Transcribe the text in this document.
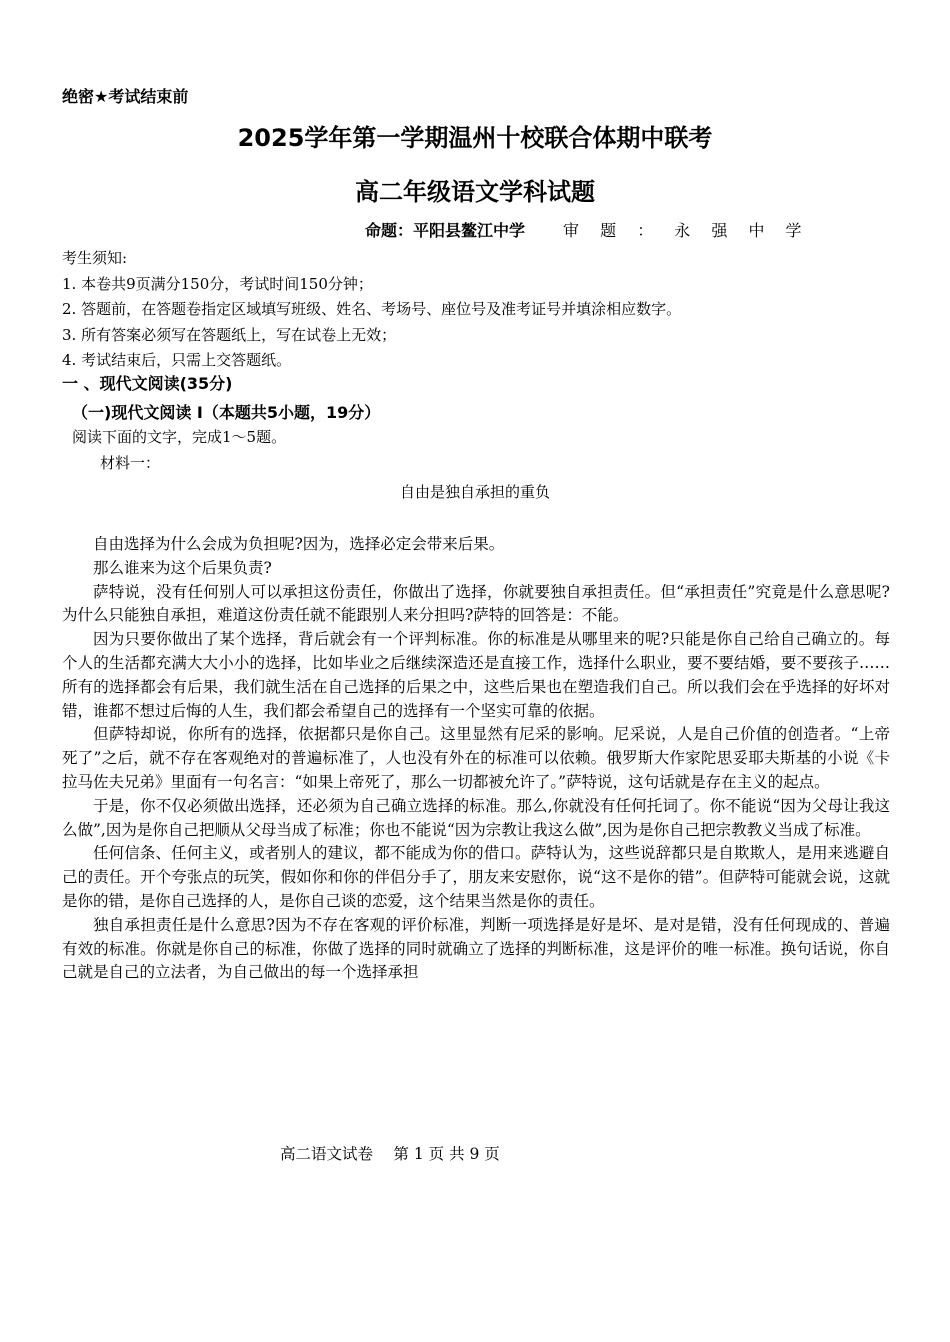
绝密★考试结束前
2025学年第一学期温州十校联合体期中联考
高二年级语文学科试题
命题：平阳县鳌江中学 审 题 ： 永 强 中 学
考生须知:
1. 本卷共9页满分150分，考试时间150分钟；
2. 答题前，在答题卷指定区域填写班级、姓名、考场号、座位号及准考证号并填涂相应数字。
3. 所有答案必须写在答题纸上，写在试卷上无效；
4. 考试结束后，只需上交答题纸。
一 、现代文阅读(35分)
（一)现代文阅读 I（本题共5小题，19分）
阅读下面的文字，完成1～5题。
材料一：
自由是独自承担的重负

自由选择为什么会成为负担呢?因为，选择必定会带来后果。

那么谁来为这个后果负责?

萨特说，没有任何别人可以承担这份责任，你做出了选择，你就要独自承担责任。但“承担责任”究竟是什么意思呢?为什么只能独自承担，难道这份责任就不能跟别人来分担吗?萨特的回答是：不能。

因为只要你做出了某个选择，背后就会有一个评判标准。你的标准是从哪里来的呢?只能是你自己给自己确立的。每个人的生活都充满大大小小的选择，比如毕业之后继续深造还是直接工作，选择什么职业，要不要结婚，要不要孩子……所有的选择都会有后果，我们就生活在自己选择的后果之中，这些后果也在塑造我们自己。所以我们会在乎选择的好坏对错，谁都不想过后悔的人生，我们都会希望自己的选择有一个坚实可靠的依据。

但萨特却说，你所有的选择，依据都只是你自己。这里显然有尼采的影响。尼采说，人是自己价值的创造者。“上帝死了”之后，就不存在客观绝对的普遍标准了，人也没有外在的标准可以依赖。俄罗斯大作家陀思妥耶夫斯基的小说《卡拉马佐夫兄弟》里面有一句名言：“如果上帝死了，那么一切都被允许了。”萨特说，这句话就是存在主义的起点。

于是，你不仅必须做出选择，还必须为自己确立选择的标准。那么,你就没有任何托词了。你不能说“因为父母让我这么做”,因为是你自己把顺从父母当成了标准；你也不能说“因为宗教让我这么做”,因为是你自己把宗教教义当成了标准。

任何信条、任何主义，或者别人的建议，都不能成为你的借口。萨特认为，这些说辞都只是自欺欺人，是用来逃避自己的责任。开个夸张点的玩笑，假如你和你的伴侣分手了，朋友来安慰你，说“这不是你的错”。但萨特可能就会说，这就是你的错，是你自己选择的人，是你自己谈的恋爱，这个结果当然是你的责任。

独自承担责任是什么意思?因为不存在客观的评价标准，判断一项选择是好是坏、是对是错，没有任何现成的、普遍有效的标准。你就是你自己的标准，你做了选择的同时就确立了选择的判断标准，这是评价的唯一标准。换句话说，你自己就是自己的立法者，为自己做出的每一个选择承担

高二语文试卷　 第 1 页 共 9 页
